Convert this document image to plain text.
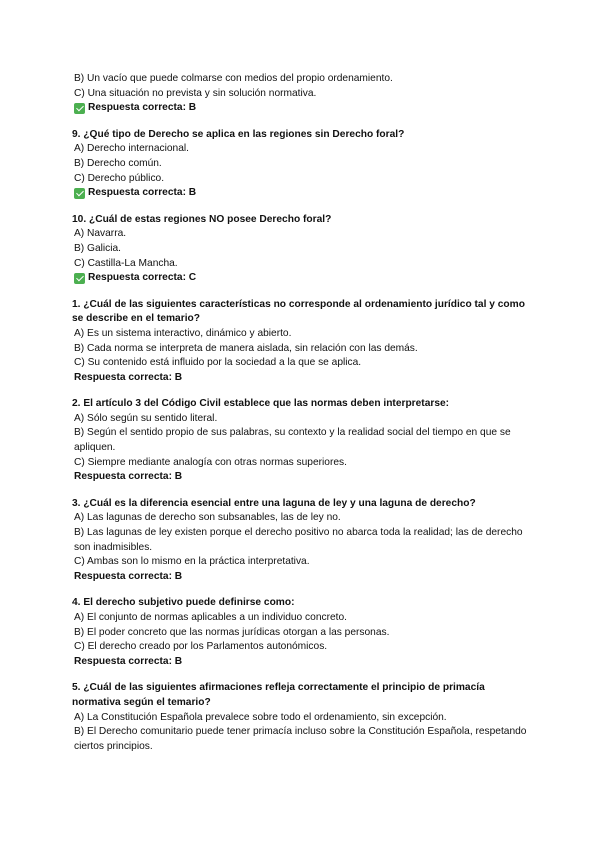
B) Un vacío que puede colmarse con medios del propio ordenamiento.
C) Una situación no prevista y sin solución normativa.
Respuesta correcta: B
9. ¿Qué tipo de Derecho se aplica en las regiones sin Derecho foral?
A) Derecho internacional.
B) Derecho común.
C) Derecho público.
Respuesta correcta: B
10. ¿Cuál de estas regiones NO posee Derecho foral?
A) Navarra.
B) Galicia.
C) Castilla-La Mancha.
Respuesta correcta: C
1. ¿Cuál de las siguientes características no corresponde al ordenamiento jurídico tal y como se describe en el temario?
A) Es un sistema interactivo, dinámico y abierto.
B) Cada norma se interpreta de manera aislada, sin relación con las demás.
C) Su contenido está influido por la sociedad a la que se aplica.
Respuesta correcta: B
2. El artículo 3 del Código Civil establece que las normas deben interpretarse:
A) Sólo según su sentido literal.
B) Según el sentido propio de sus palabras, su contexto y la realidad social del tiempo en que se apliquen.
C) Siempre mediante analogía con otras normas superiores.
Respuesta correcta: B
3. ¿Cuál es la diferencia esencial entre una laguna de ley y una laguna de derecho?
A) Las lagunas de derecho son subsanables, las de ley no.
B) Las lagunas de ley existen porque el derecho positivo no abarca toda la realidad; las de derecho son inadmisibles.
C) Ambas son lo mismo en la práctica interpretativa.
Respuesta correcta: B
4. El derecho subjetivo puede definirse como:
A) El conjunto de normas aplicables a un individuo concreto.
B) El poder concreto que las normas jurídicas otorgan a las personas.
C) El derecho creado por los Parlamentos autonómicos.
Respuesta correcta: B
5. ¿Cuál de las siguientes afirmaciones refleja correctamente el principio de primacía normativa según el temario?
A) La Constitución Española prevalece sobre todo el ordenamiento, sin excepción.
B) El Derecho comunitario puede tener primacía incluso sobre la Constitución Española, respetando ciertos principios.
